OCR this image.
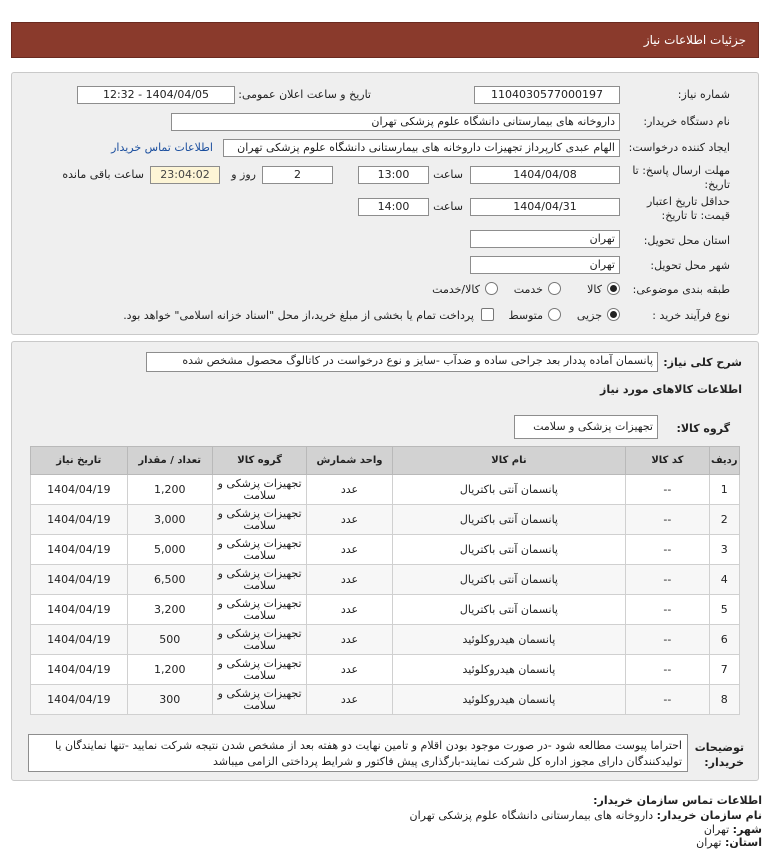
جزئیات اطلاعات نیاز
شماره نیاز:
1104030577000197
تاریخ و ساعت اعلان عمومی:
1404/04/05 - 12:32
نام دستگاه خریدار:
داروخانه های بیمارستانی دانشگاه علوم پزشکی تهران
ایجاد کننده درخواست:
الهام عبدی کارپرداز تجهیزات داروخانه های بیمارستانی دانشگاه علوم پزشکی تهران
اطلاعات تماس خریدار
مهلت ارسال پاسخ: تا تاریخ:
1404/04/08
ساعت
13:00
2
روز و
23:04:02
ساعت باقی مانده
حداقل تاریخ اعتبار قیمت: تا تاریخ:
1404/04/31
ساعت
14:00
استان محل تحویل:
تهران
شهر محل تحویل:
تهران
طبقه بندی موضوعی:
کالا
خدمت
کالا/خدمت
نوع فرآیند خرید :
جزیی
متوسط
پرداخت تمام یا بخشی از مبلغ خرید،از محل "اسناد خزانه اسلامی" خواهد بود.
شرح کلی نیاز:
پانسمان آماده پددار بعد جراحی ساده و ضدآب -سایز و نوع درخواست در کاتالوگ محصول مشخص شده
اطلاعات کالاهای مورد نیاز
گروه کالا:
تجهیزات پزشکی و سلامت
ردیف	کد کالا	نام کالا	واحد شمارش	گروه کالا	تعداد / مقدار	تاریخ نیاز
1	--	پانسمان آنتی باکتریال	عدد	تجهیزات پزشکی و سلامت	1,200	1404/04/19
2	--	پانسمان آنتی باکتریال	عدد	تجهیزات پزشکی و سلامت	3,000	1404/04/19
3	--	پانسمان آنتی باکتریال	عدد	تجهیزات پزشکی و سلامت	5,000	1404/04/19
4	--	پانسمان آنتی باکتریال	عدد	تجهیزات پزشکی و سلامت	6,500	1404/04/19
5	--	پانسمان آنتی باکتریال	عدد	تجهیزات پزشکی و سلامت	3,200	1404/04/19
6	--	پانسمان هیدروکلوئید	عدد	تجهیزات پزشکی و سلامت	500	1404/04/19
7	--	پانسمان هیدروکلوئید	عدد	تجهیزات پزشکی و سلامت	1,200	1404/04/19
8	--	پانسمان هیدروکلوئید	عدد	تجهیزات پزشکی و سلامت	300	1404/04/19
توضیحات خریدار:
احتراما پیوست مطالعه شود -در صورت موجود بودن اقلام و تامین نهایت دو هفته بعد از مشخص شدن نتیجه شرکت نمایید -تنها نمایندگان یا تولیدکنندگان دارای مجوز اداره کل شرکت نمایند-بارگذاری پیش فاکتور و شرایط پرداختی الزامی میباشد
اطلاعات تماس سازمان خریدار:
نام سازمان خریدار: داروخانه های بیمارستانی دانشگاه علوم پزشکی تهران
شهر: تهران
استان: تهران
